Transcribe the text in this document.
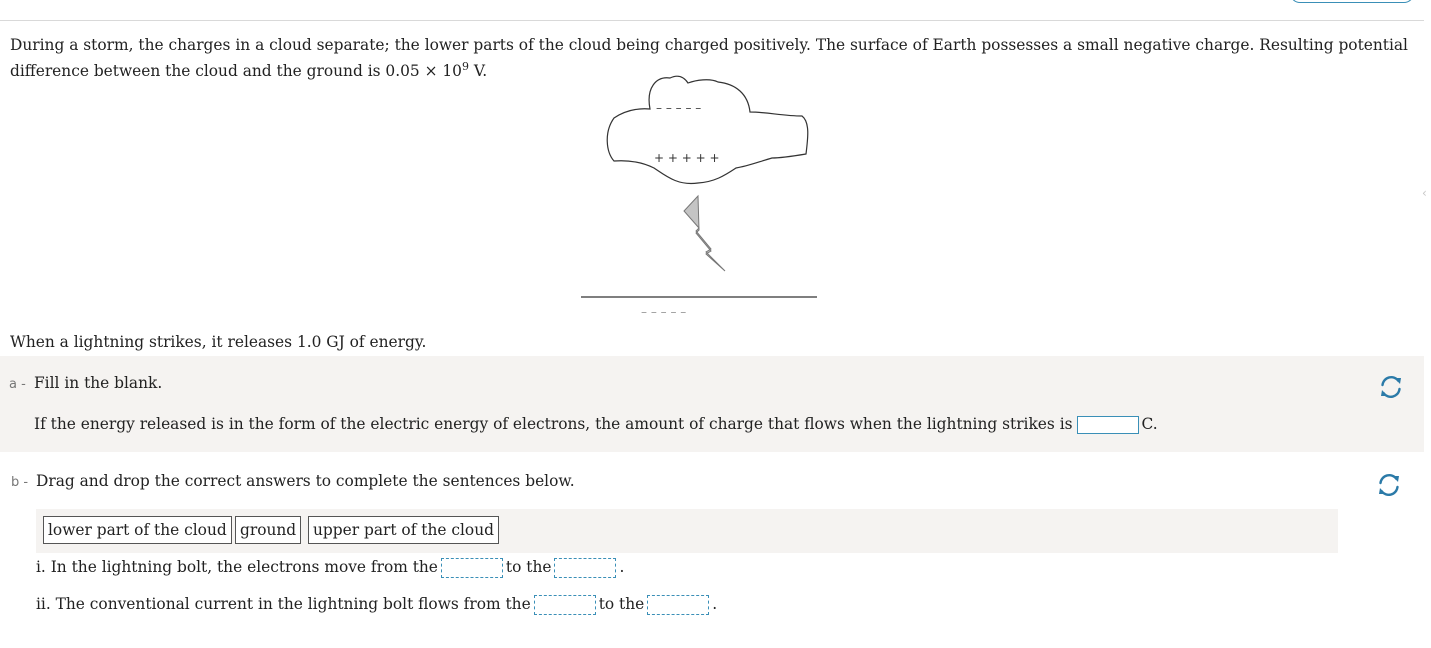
‹
During a storm, the charges in a cloud separate; the lower parts of the cloud being charged positively. The surface of Earth possesses a small negative charge. Resulting potential
difference between the cloud and the ground is $0.05 \times 10^9$ V.
– – – – –
+ + + + +
– – – – –
When a lightning strikes, it releases 1.0 GJ of energy.
a - Fill in the blank.
If the energy released is in the form of the electric energy of electrons, the amount of charge that flows when the lightning strikes is	C.
b - Drag and drop the correct answers to complete the sentences below.
lower part of the cloud ground	upper part of the cloud
i. In the lightning bolt, the electrons move from the	to the	.
ii. The conventional current in the lightning bolt flows from the	to the	.
